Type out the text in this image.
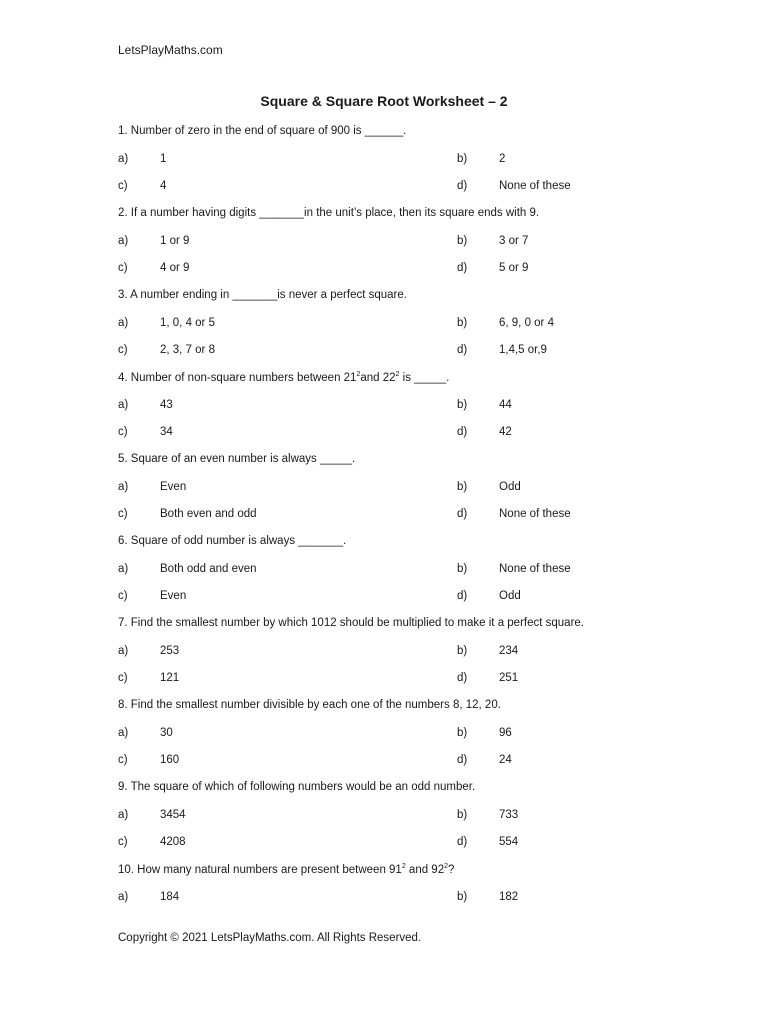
LetsPlayMaths.com
Square & Square Root Worksheet – 2
1. Number of zero in the end of square of 900 is ______.
a)	1	b)	2
c)	4	d)	None of these
2. If a number having digits _______in the unit’s place, then its square ends with 9.
a)	1 or 9	b)	3 or 7
c)	4 or 9	d)	5 or 9
3. A number ending in _______is never a perfect square.
a)	1, 0, 4 or 5	b)	6, 9, 0 or 4
c)	2, 3, 7 or 8	d)	1,4,5 or,9
4. Number of non-square numbers between $21^2and$ $22^2$ is _____.
a)	43	b)	44
c)	34	d)	42
5. Square of an even number is always _____.
a)	Even	b)	Odd
c)	Both even and odd	d)	None of these
6. Square of odd number is always _______.
a)	Both odd and even	b)	None of these
c)	Even	d)	Odd
7. Find the smallest number by which 1012 should be multiplied to make it a perfect square.
a)	253	b)	234
c)	121	d)	251
8. Find the smallest number divisible by each one of the numbers 8, 12, 20.
a)	30	b)	96
c)	160	d)	24
9. The square of which of following numbers would be an odd number.
a)	3454	b)	733
c)	4208	d)	554
10. How many natural numbers are present between $91^2$ and $92^2$?
a)	184	b)	182
Copyright © 2021 LetsPlayMaths.com. All Rights Reserved.
